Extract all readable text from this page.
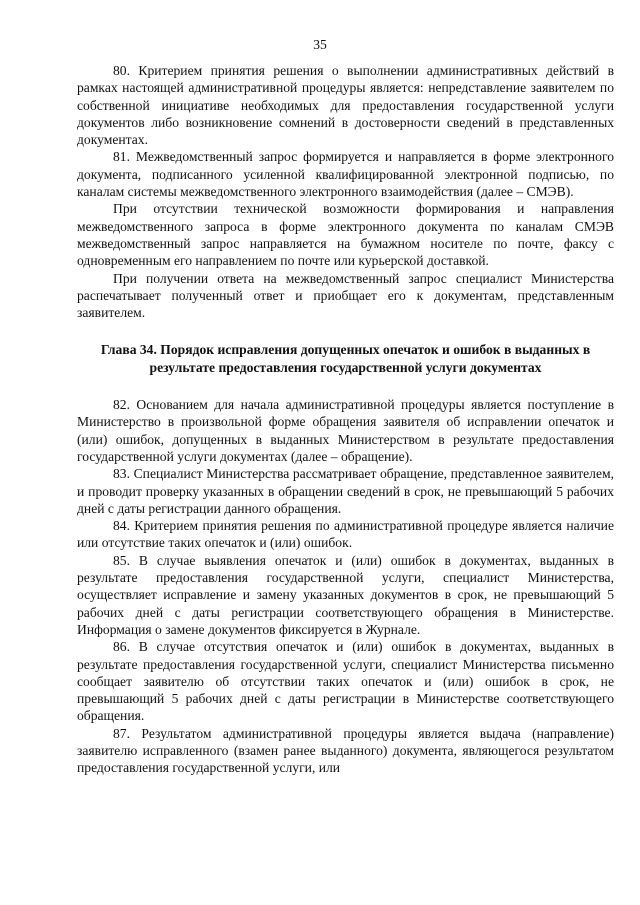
35

80. Критерием принятия решения о выполнении административных действий в рамках настоящей административной процедуры является: непредставление заявителем по собственной инициативе необходимых для предоставления государственной услуги документов либо возникновение сомнений в достоверности сведений в представленных документах.

81. Межведомственный запрос формируется и направляется в форме электронного документа, подписанного усиленной квалифицированной электронной подписью, по каналам системы межведомственного электронного взаимодействия (далее – СМЭВ).

При отсутствии технической возможности формирования и направления межведомственного запроса в форме электронного документа по каналам СМЭВ межведомственный запрос направляется на бумажном носителе по почте, факсу с одновременным его направлением по почте или курьерской доставкой.

При получении ответа на межведомственный запрос специалист Министерства распечатывает полученный ответ и приобщает его к документам, представленным заявителем.

Глава 34. Порядок исправления допущенных опечаток и ошибок в выданных в результате предоставления государственной услуги документах

82. Основанием для начала административной процедуры является поступление в Министерство в произвольной форме обращения заявителя об исправлении опечаток и (или) ошибок, допущенных в выданных Министерством в результате предоставления государственной услуги документах (далее – обращение).

83. Специалист Министерства рассматривает обращение, представленное заявителем, и проводит проверку указанных в обращении сведений в срок, не превышающий 5 рабочих дней с даты регистрации данного обращения.

84. Критерием принятия решения по административной процедуре является наличие или отсутствие таких опечаток и (или) ошибок.

85. В случае выявления опечаток и (или) ошибок в документах, выданных в результате предоставления государственной услуги, специалист Министерства, осуществляет исправление и замену указанных документов в срок, не превышающий 5 рабочих дней с даты регистрации соответствующего обращения в Министерстве. Информация о замене документов фиксируется в Журнале.

86. В случае отсутствия опечаток и (или) ошибок в документах, выданных в результате предоставления государственной услуги, специалист Министерства письменно сообщает заявителю об отсутствии таких опечаток и (или) ошибок в срок, не превышающий 5 рабочих дней с даты регистрации в Министерстве соответствующего обращения.

87. Результатом административной процедуры является выдача (направление) заявителю исправленного (взамен ранее выданного) документа, являющегося результатом предоставления государственной услуги, или
